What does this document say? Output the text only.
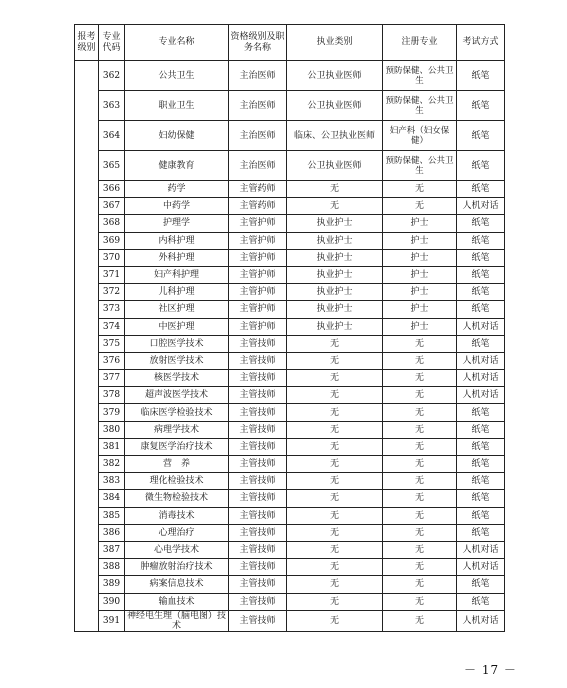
报考级别	专业代码	专业名称	资格级别及职务名称	执业类别	注册专业	考试方式
	362	公共卫生	主治医师	公卫执业医师	预防保健、公共卫生	纸笔
	363	职业卫生	主治医师	公卫执业医师	预防保健、公共卫生	纸笔
	364	妇幼保健	主治医师	临床、公卫执业医师	妇产科（妇女保健）	纸笔
	365	健康教育	主治医师	公卫执业医师	预防保健、公共卫生	纸笔
	366	药学	主管药师	无	无	纸笔
	367	中药学	主管药师	无	无	人机对话
	368	护理学	主管护师	执业护士	护士	纸笔
	369	内科护理	主管护师	执业护士	护士	纸笔
	370	外科护理	主管护师	执业护士	护士	纸笔
	371	妇产科护理	主管护师	执业护士	护士	纸笔
	372	儿科护理	主管护师	执业护士	护士	纸笔
	373	社区护理	主管护师	执业护士	护士	纸笔
	374	中医护理	主管护师	执业护士	护士	人机对话
	375	口腔医学技术	主管技师	无	无	纸笔
	376	放射医学技术	主管技师	无	无	人机对话
	377	核医学技术	主管技师	无	无	人机对话
	378	超声波医学技术	主管技师	无	无	人机对话
	379	临床医学检验技术	主管技师	无	无	纸笔
	380	病理学技术	主管技师	无	无	纸笔
	381	康复医学治疗技术	主管技师	无	无	纸笔
	382	营　养	主管技师	无	无	纸笔
	383	理化检验技术	主管技师	无	无	纸笔
	384	微生物检验技术	主管技师	无	无	纸笔
	385	消毒技术	主管技师	无	无	纸笔
	386	心理治疗	主管技师	无	无	纸笔
	387	心电学技术	主管技师	无	无	人机对话
	388	肿瘤放射治疗技术	主管技师	无	无	人机对话
	389	病案信息技术	主管技师	无	无	纸笔
	390	输血技术	主管技师	无	无	纸笔
	391	神经电生理（脑电图）技术	主管技师	无	无	人机对话
－ 17 －
